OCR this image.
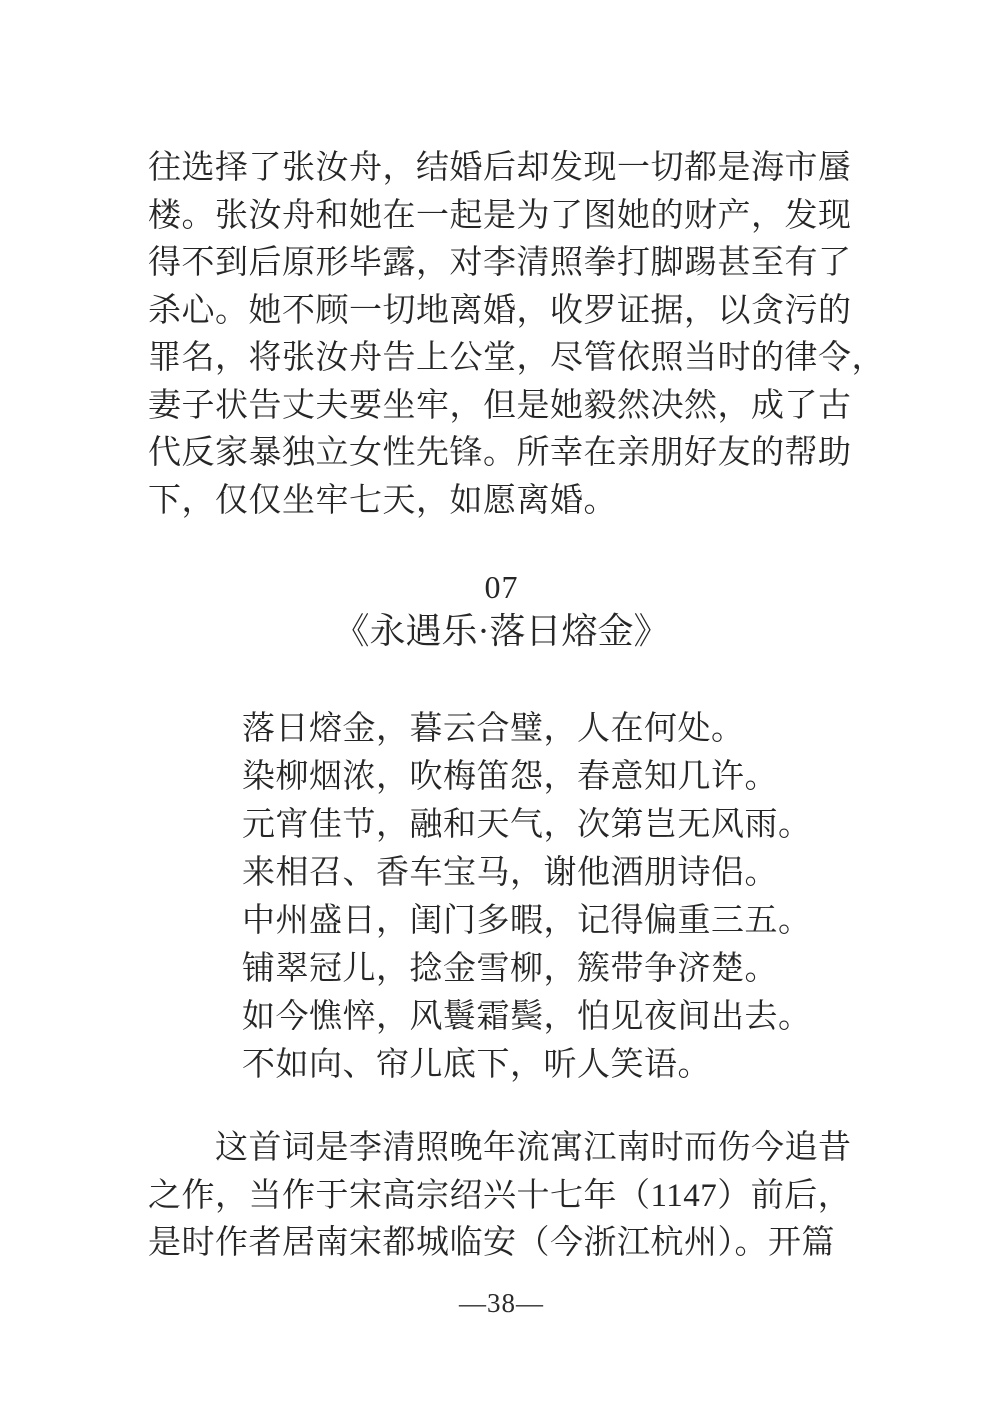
往选择了张汝舟，结婚后却发现一切都是海市蜃
楼。张汝舟和她在一起是为了图她的财产，发现
得不到后原形毕露，对李清照拳打脚踢甚至有了
杀心。她不顾一切地离婚，收罗证据，以贪污的
罪名，将张汝舟告上公堂，尽管依照当时的律令，
妻子状告丈夫要坐牢，但是她毅然决然，成了古
代反家暴独立女性先锋。所幸在亲朋好友的帮助
下，仅仅坐牢七天，如愿离婚。
07
《永遇乐·落日熔金》
落日熔金，暮云合璧，人在何处。
染柳烟浓，吹梅笛怨，春意知几许。
元宵佳节，融和天气，次第岂无风雨。
来相召、香车宝马，谢他酒朋诗侣。
中州盛日，闺门多暇，记得偏重三五。
铺翠冠儿，捻金雪柳，簇带争济楚。
如今憔悴，风鬟霜鬓，怕见夜间出去。
不如向、帘儿底下，听人笑语。
这首词是李清照晚年流寓江南时而伤今追昔
之作，当作于宋高宗绍兴十七年（1147）前后，
是时作者居南宋都城临安（今浙江杭州）。开篇
—38—
